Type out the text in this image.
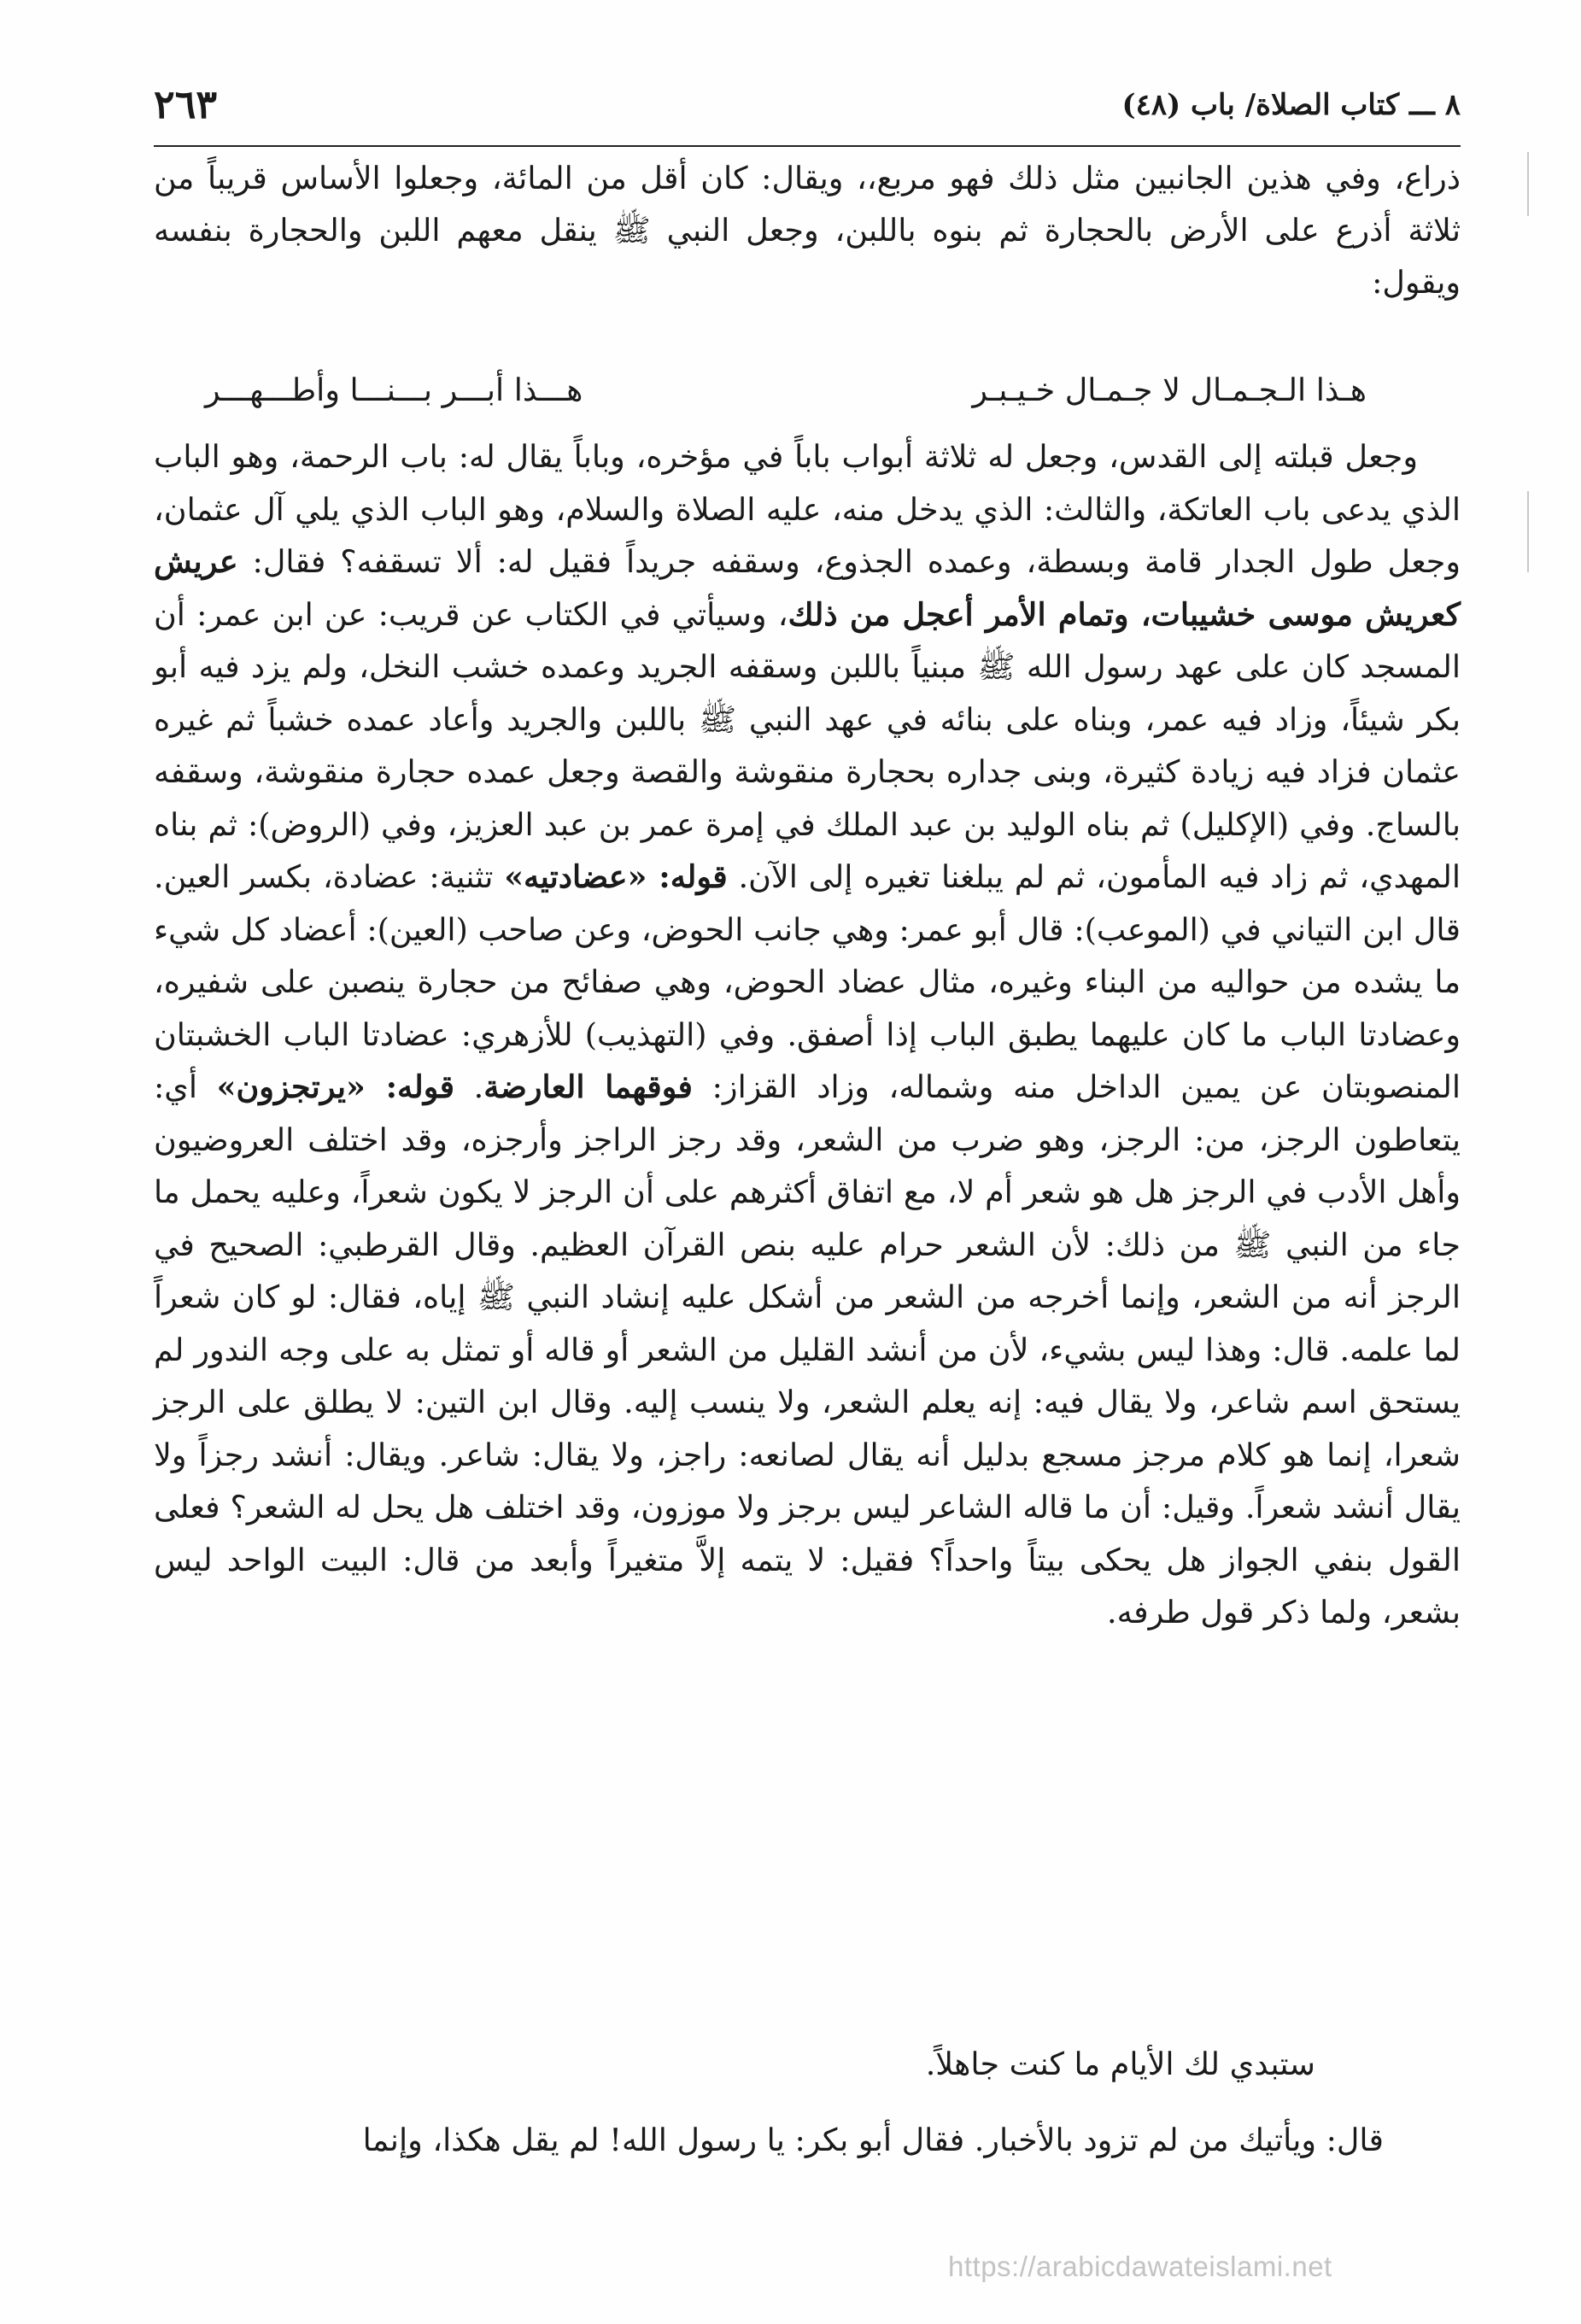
٨ ـــ كتاب الصلاة/ باب (٤٨)
٢٦٣

ذراع، وفي هذين الجانبين مثل ذلك فهو مربع،، ويقال: كان أقل من المائة، وجعلوا الأساس قريباً من ثلاثة أذرع على الأرض بالحجارة ثم بنوه باللبن، وجعل النبي ﷺ ينقل معهم اللبن والحجارة بنفسه ويقول:

هـذا الـجـمـال لا جـمـال خـيـبـر
هـــذا أبـــر بـــنـــا وأطـــهـــر

وجعل قبلته إلى القدس، وجعل له ثلاثة أبواب باباً في مؤخره، وباباً يقال له: باب الرحمة، وهو الباب الذي يدعى باب العاتكة، والثالث: الذي يدخل منه، عليه الصلاة والسلام، وهو الباب الذي يلي آل عثمان، وجعل طول الجدار قامة وبسطة، وعمده الجذوع، وسقفه جريداً فقيل له: ألا تسقفه؟ فقال: عريش كعريش موسى خشيبات، وتمام الأمر أعجل من ذلك، وسيأتي في الكتاب عن قريب: عن ابن عمر: أن المسجد كان على عهد رسول الله ﷺ مبنياً باللبن وسقفه الجريد وعمده خشب النخل، ولم يزد فيه أبو بكر شيئاً، وزاد فيه عمر، وبناه على بنائه في عهد النبي ﷺ باللبن والجريد وأعاد عمده خشباً ثم غيره عثمان فزاد فيه زيادة كثيرة، وبنى جداره بحجارة منقوشة والقصة وجعل عمده حجارة منقوشة، وسقفه بالساج. وفي (الإكليل) ثم بناه الوليد بن عبد الملك في إمرة عمر بن عبد العزيز، وفي (الروض): ثم بناه المهدي، ثم زاد فيه المأمون، ثم لم يبلغنا تغيره إلى الآن. قوله: «عضادتيه» تثنية: عضادة، بكسر العين. قال ابن التياني في (الموعب): قال أبو عمر: وهي جانب الحوض، وعن صاحب (العين): أعضاد كل شيء ما يشده من حواليه من البناء وغيره، مثال عضاد الحوض، وهي صفائح من حجارة ينصبن على شفيره، وعضادتا الباب ما كان عليهما يطبق الباب إذا أصفق. وفي (التهذيب) للأزهري: عضادتا الباب الخشبتان المنصوبتان عن يمين الداخل منه وشماله، وزاد القزاز: فوقهما العارضة. قوله: «يرتجزون» أي: يتعاطون الرجز، من: الرجز، وهو ضرب من الشعر، وقد رجز الراجز وأرجزه، وقد اختلف العروضيون وأهل الأدب في الرجز هل هو شعر أم لا، مع اتفاق أكثرهم على أن الرجز لا يكون شعراً، وعليه يحمل ما جاء من النبي ﷺ من ذلك: لأن الشعر حرام عليه بنص القرآن العظيم. وقال القرطبي: الصحيح في الرجز أنه من الشعر، وإنما أخرجه من الشعر من أشكل عليه إنشاد النبي ﷺ إياه، فقال: لو كان شعراً لما علمه. قال: وهذا ليس بشيء، لأن من أنشد القليل من الشعر أو قاله أو تمثل به على وجه الندور لم يستحق اسم شاعر، ولا يقال فيه: إنه يعلم الشعر، ولا ينسب إليه. وقال ابن التين: لا يطلق على الرجز شعرا، إنما هو كلام مرجز مسجع بدليل أنه يقال لصانعه: راجز، ولا يقال: شاعر. ويقال: أنشد رجزاً ولا يقال أنشد شعراً. وقيل: أن ما قاله الشاعر ليس برجز ولا موزون، وقد اختلف هل يحل له الشعر؟ فعلى القول بنفي الجواز هل يحكى بيتاً واحداً؟ فقيل: لا يتمه إلاَّ متغيراً وأبعد من قال: البيت الواحد ليس بشعر، ولما ذكر قول طرفه.

ستبدي لك الأيام ما كنت جاهلاً.
قال: ويأتيك من لم تزود بالأخبار. فقال أبو بكر: يا رسول الله! لم يقل هكذا، وإنما
https://arabicdawateislami.net
